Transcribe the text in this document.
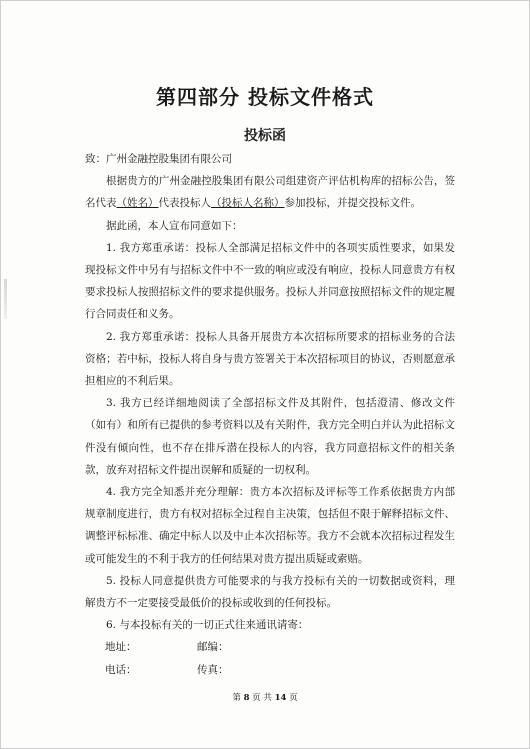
第四部分 投标文件格式
投标函

致：广州金融控股集团有限公司

根据贵方的广州金融控股集团有限公司组建资产评估机构库的招标公告，签名代表（姓名）代表投标人（投标人名称）参加投标，并提交投标文件。

据此函，本人宣布同意如下：

1. 我方郑重承诺：投标人全部满足招标文件中的各项实质性要求，如果发现投标文件中另有与招标文件中不一致的响应或没有响应，投标人同意贵方有权要求投标人按照招标文件的要求提供服务。投标人并同意按照招标文件的规定履行合同责任和义务。

2. 我方郑重承诺：投标人具备开展贵方本次招标所要求的招标业务的合法资格；若中标，投标人将自身与贵方签署关于本次招标项目的协议，否则愿意承担相应的不利后果。

3. 我方已经详细地阅读了全部招标文件及其附件，包括澄清、修改文件（如有）和所有已提供的参考资料以及有关附件，我方完全明白并认为此招标文件没有倾向性，也不存在排斥潜在投标人的内容，我方同意招标文件的相关条款，放弃对招标文件提出误解和质疑的一切权利。

4. 我方完全知悉并充分理解：贵方本次招标及评标等工作系依据贵方内部规章制度进行，贵方有权对招标全过程自主决策，包括但不限于解释招标文件、调整评标标准、确定中标人以及中止本次招标等。我方不会就本次招标过程发生或可能发生的不利于我方的任何结果对贵方提出质疑或索赔。

5. 投标人同意提供贵方可能要求的与我方投标有关的一切数据或资料，理解贵方不一定要接受最低价的投标或收到的任何投标。

6. 与本投标有关的一切正式往来通讯请寄：

地址：	邮编：
电话：	传真：
第 8 页 共 14 页
